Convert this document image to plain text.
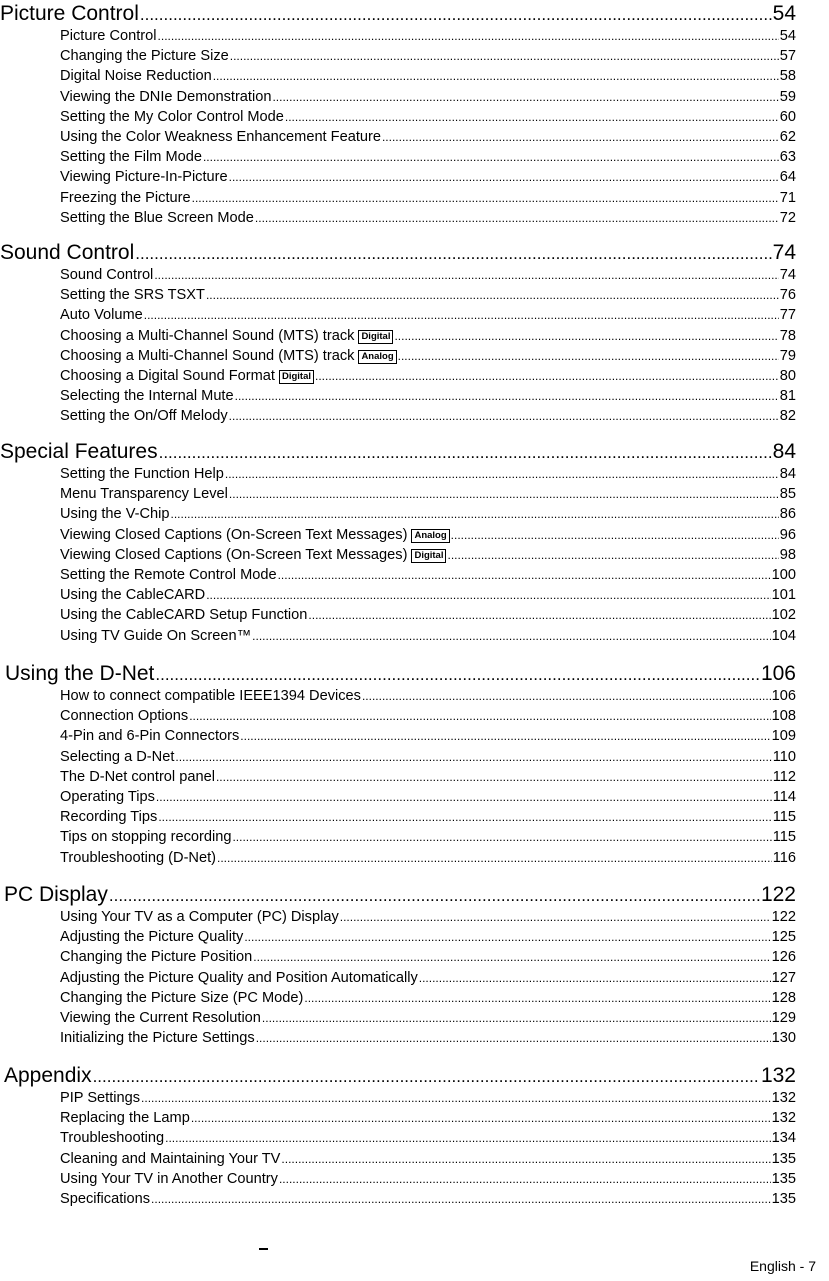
Picture Control .....	54
Picture Control .....	54
Changing the Picture Size .....	57
Digital Noise Reduction .....	58
Viewing the DNIe Demonstration .....	59
Setting the My Color Control Mode .....	60
Using the Color Weakness Enhancement Feature .....	62
Setting the Film Mode .....	63
Viewing Picture-In-Picture .....	64
Freezing the Picture .....	71
Setting the Blue Screen Mode .....	72
Sound Control .....	74
Sound Control .....	74
Setting the SRS TSXT .....	76
Auto Volume .....	77
Choosing a Multi-Channel Sound (MTS) track Digital .....	78
Choosing a Multi-Channel Sound (MTS) track Analog .....	79
Choosing a Digital Sound Format Digital .....	80
Selecting the Internal Mute .....	81
Setting the On/Off Melody .....	82
Special Features .....	84
Setting the Function Help .....	84
Menu Transparency Level .....	85
Using the V-Chip .....	86
Viewing Closed Captions (On-Screen Text Messages) Analog .....	96
Viewing Closed Captions (On-Screen Text Messages) Digital .....	98
Setting the Remote Control Mode .....	100
Using the CableCARD .....	101
Using the CableCARD Setup Function .....	102
Using TV Guide On Screen™ .....	104
Using the D-Net .....	106
How to connect compatible IEEE1394 Devices .....	106
Connection Options .....	108
4-Pin and 6-Pin Connectors .....	109
Selecting a D-Net .....	110
The D-Net control panel .....	112
Operating Tips .....	114
Recording Tips .....	115
Tips on stopping recording .....	115
Troubleshooting (D-Net) .....	116
PC Display .....	122
Using Your TV as a Computer (PC) Display .....	122
Adjusting the Picture Quality .....	125
Changing the Picture Position .....	126
Adjusting the Picture Quality and Position Automatically .....	127
Changing the Picture Size (PC Mode) .....	128
Viewing the Current Resolution .....	129
Initializing the Picture Settings .....	130
Appendix .....	132
PIP Settings .....	132
Replacing the Lamp .....	132
Troubleshooting .....	134
Cleaning and Maintaining Your TV .....	135
Using Your TV in Another Country .....	135
Specifications .....	135
English - 7
